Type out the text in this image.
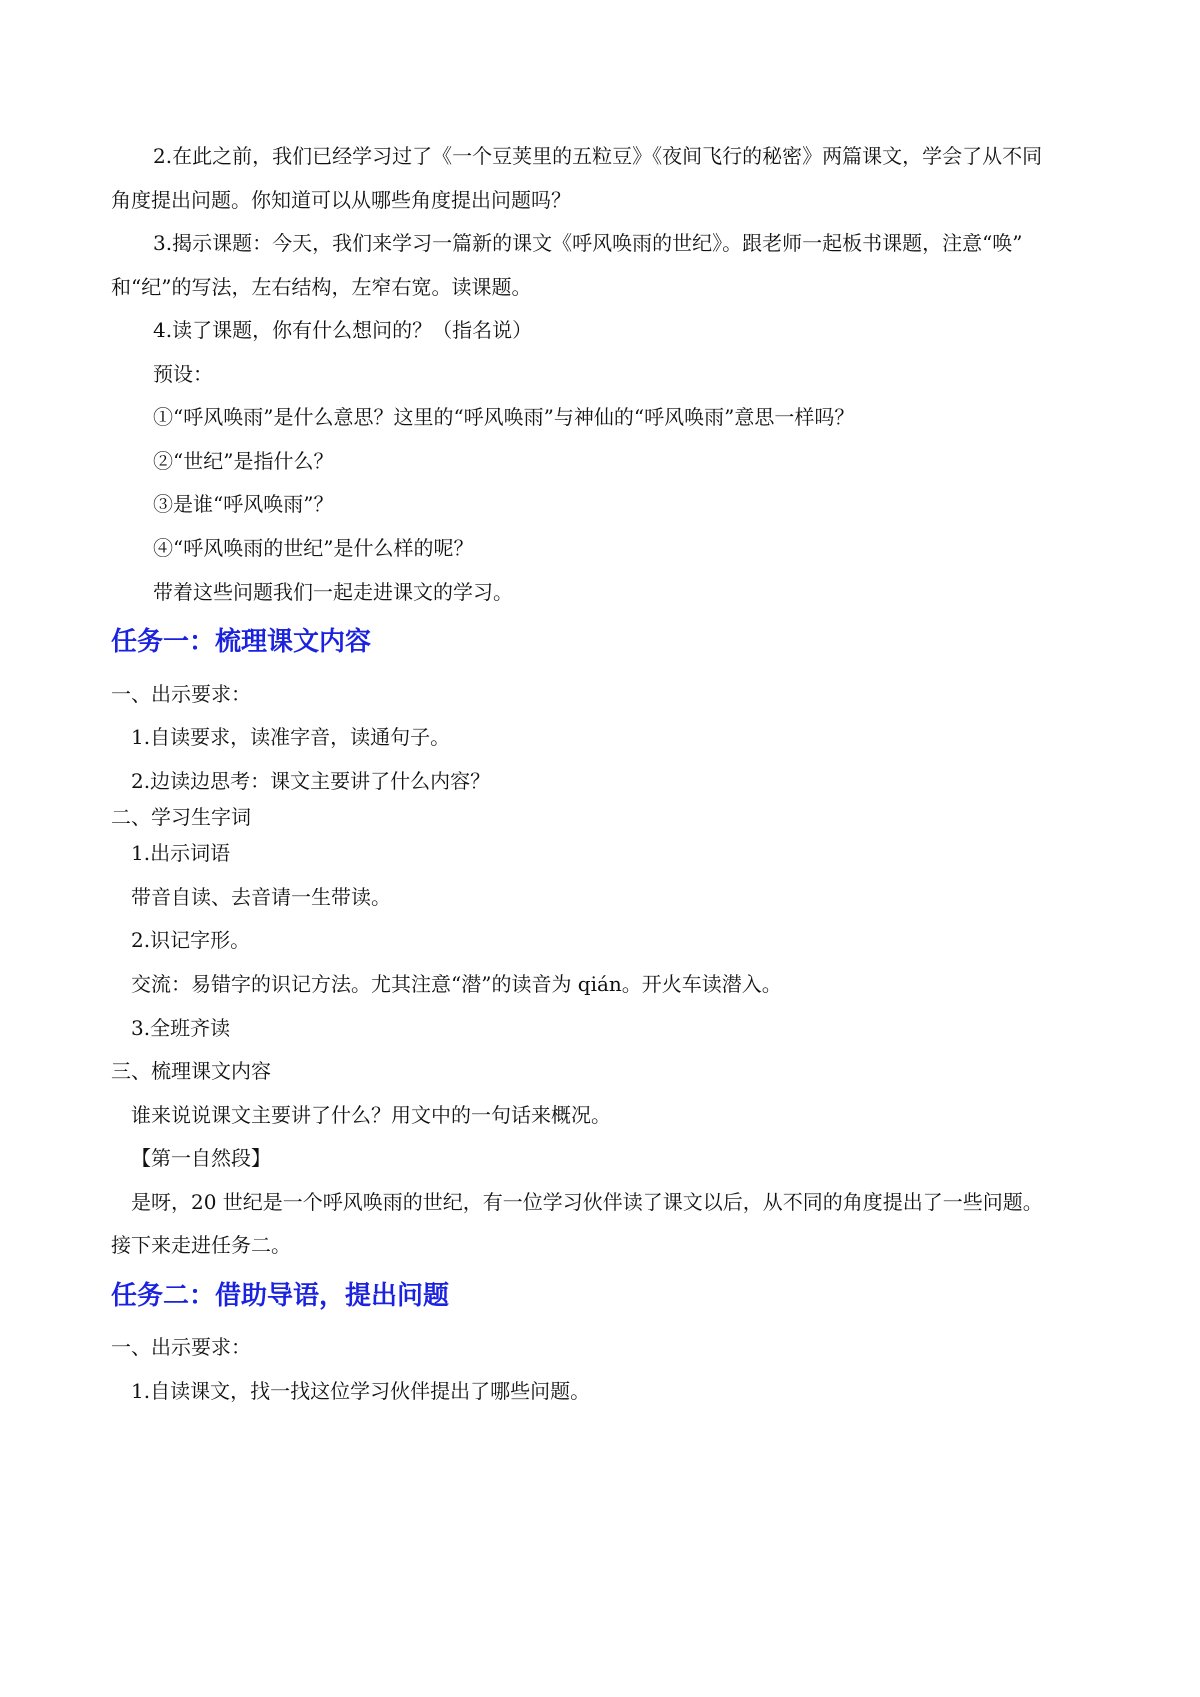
2.在此之前，我们已经学习过了《一个豆荚里的五粒豆》《夜间飞行的秘密》两篇课文，学会了从不同
角度提出问题。你知道可以从哪些角度提出问题吗？
3.揭示课题：今天，我们来学习一篇新的课文《呼风唤雨的世纪》。跟老师一起板书课题，注意“唤”
和“纪”的写法，左右结构，左窄右宽。读课题。
4.读了课题，你有什么想问的？（指名说）
预设：
①“呼风唤雨”是什么意思？这里的“呼风唤雨”与神仙的“呼风唤雨”意思一样吗？
②“世纪”是指什么？
③是谁“呼风唤雨”？
④“呼风唤雨的世纪”是什么样的呢？
带着这些问题我们一起走进课文的学习。
任务一：梳理课文内容
一、出示要求：
1.自读要求，读准字音，读通句子。
2.边读边思考：课文主要讲了什么内容？
二、学习生字词
1.出示词语
带音自读、去音请一生带读。
2.识记字形。
交流：易错字的识记方法。尤其注意“潜”的读音为 qián。开火车读潜入。
3.全班齐读
三、梳理课文内容
谁来说说课文主要讲了什么？用文中的一句话来概况。
【第一自然段】
是呀，20 世纪是一个呼风唤雨的世纪，有一位学习伙伴读了课文以后，从不同的角度提出了一些问题。
接下来走进任务二。
任务二：借助导语，提出问题
一、出示要求：
1.自读课文，找一找这位学习伙伴提出了哪些问题。
